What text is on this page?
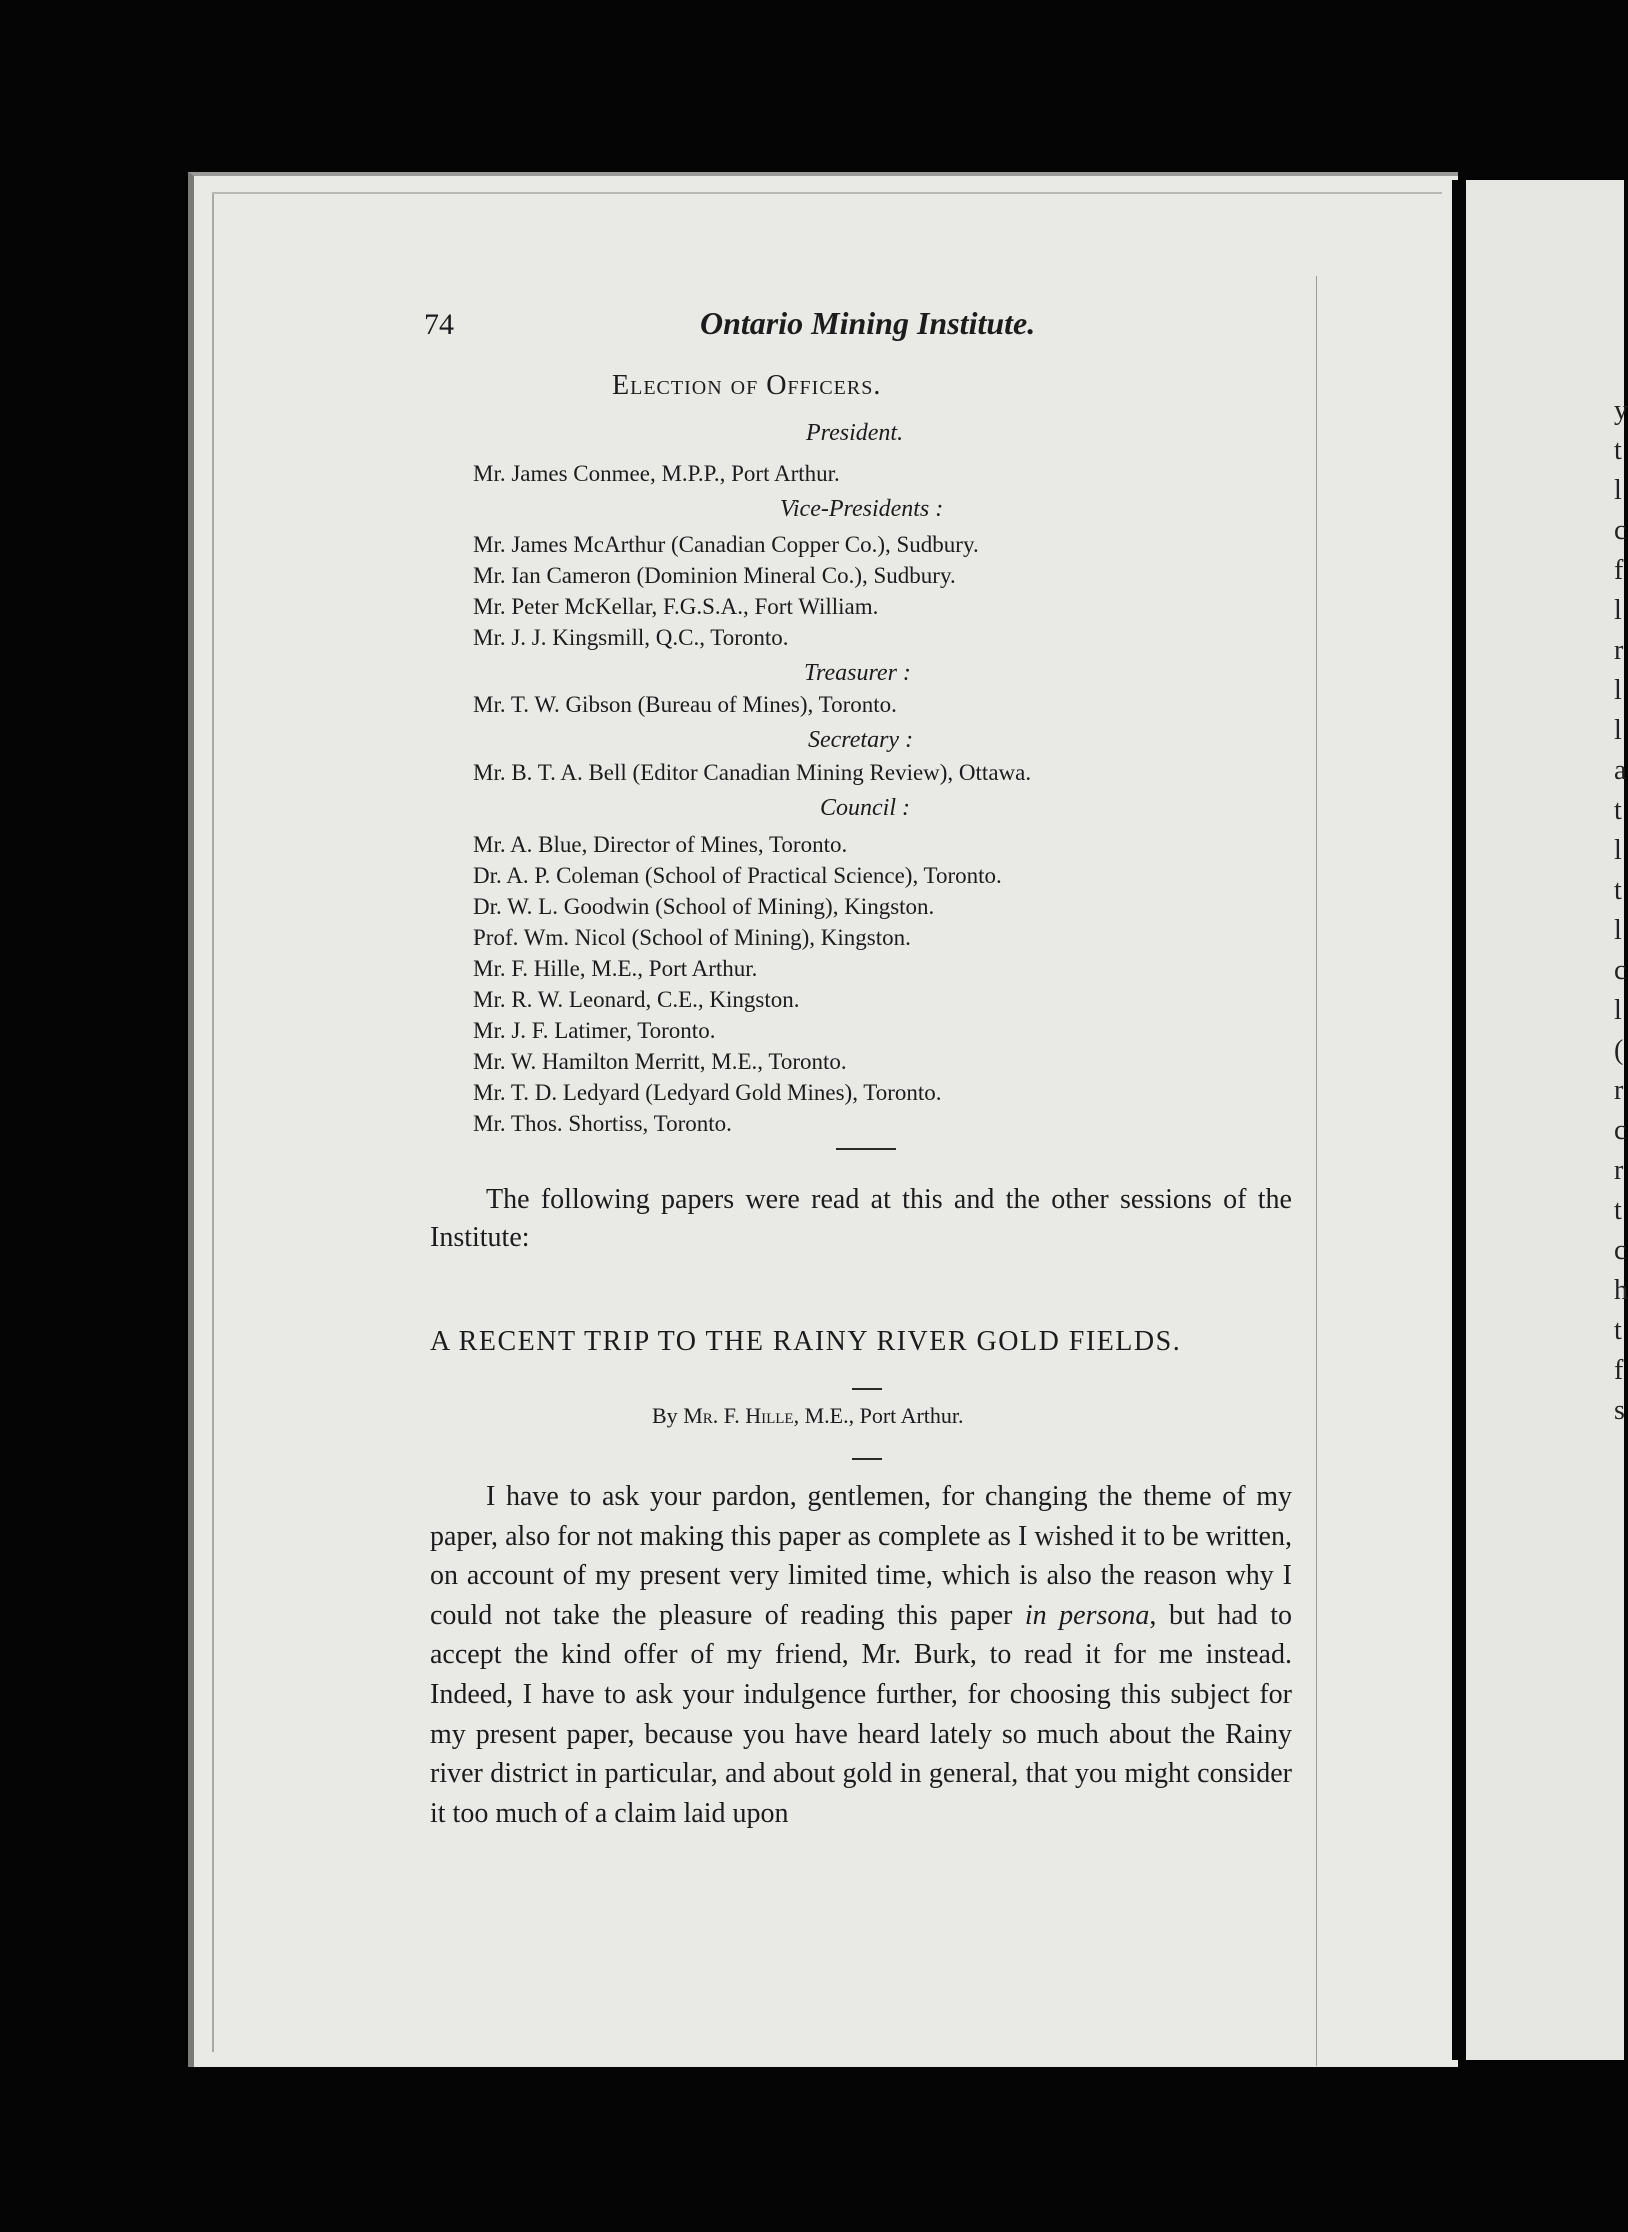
y
t
l
c
f
l
r
l
l
a
t
l
t
l
c
l
(
r
c
r
t
c
h
t
f
s
74	Ontario Mining Institute.
Election of Officers.
President.
Mr. James Conmee, M.P.P., Port Arthur.
Vice-Presidents :
Mr. James McArthur (Canadian Copper Co.), Sudbury.
Mr. Ian Cameron (Dominion Mineral Co.), Sudbury.
Mr. Peter McKellar, F.G.S.A., Fort William.
Mr. J. J. Kingsmill, Q.C., Toronto.
Treasurer :
Mr. T. W. Gibson (Bureau of Mines), Toronto.
Secretary :
Mr. B. T. A. Bell (Editor Canadian Mining Review), Ottawa.
Council :
Mr. A. Blue, Director of Mines, Toronto.
Dr. A. P. Coleman (School of Practical Science), Toronto.
Dr. W. L. Goodwin (School of Mining), Kingston.
Prof. Wm. Nicol (School of Mining), Kingston.
Mr. F. Hille, M.E., Port Arthur.
Mr. R. W. Leonard, C.E., Kingston.
Mr. J. F. Latimer, Toronto.
Mr. W. Hamilton Merritt, M.E., Toronto.
Mr. T. D. Ledyard (Ledyard Gold Mines), Toronto.
Mr. Thos. Shortiss, Toronto.
The following papers were read at this and the other sessions of the Institute:
A RECENT TRIP TO THE RAINY RIVER GOLD FIELDS.
By Mr. F. Hille, M.E., Port Arthur.

I have to ask your pardon, gentlemen, for changing the theme of my paper, also for not making this paper as complete as I wished it to be written, on account of my present very limited time, which is also the reason why I could not take the pleasure of reading this paper in persona, but had to accept the kind offer of my friend, Mr. Burk, to read it for me instead. Indeed, I have to ask your indulgence further, for choosing this subject for my present paper, because you have heard lately so much about the Rainy river district in particular, and about gold in general, that you might consider it too much of a claim laid upon
